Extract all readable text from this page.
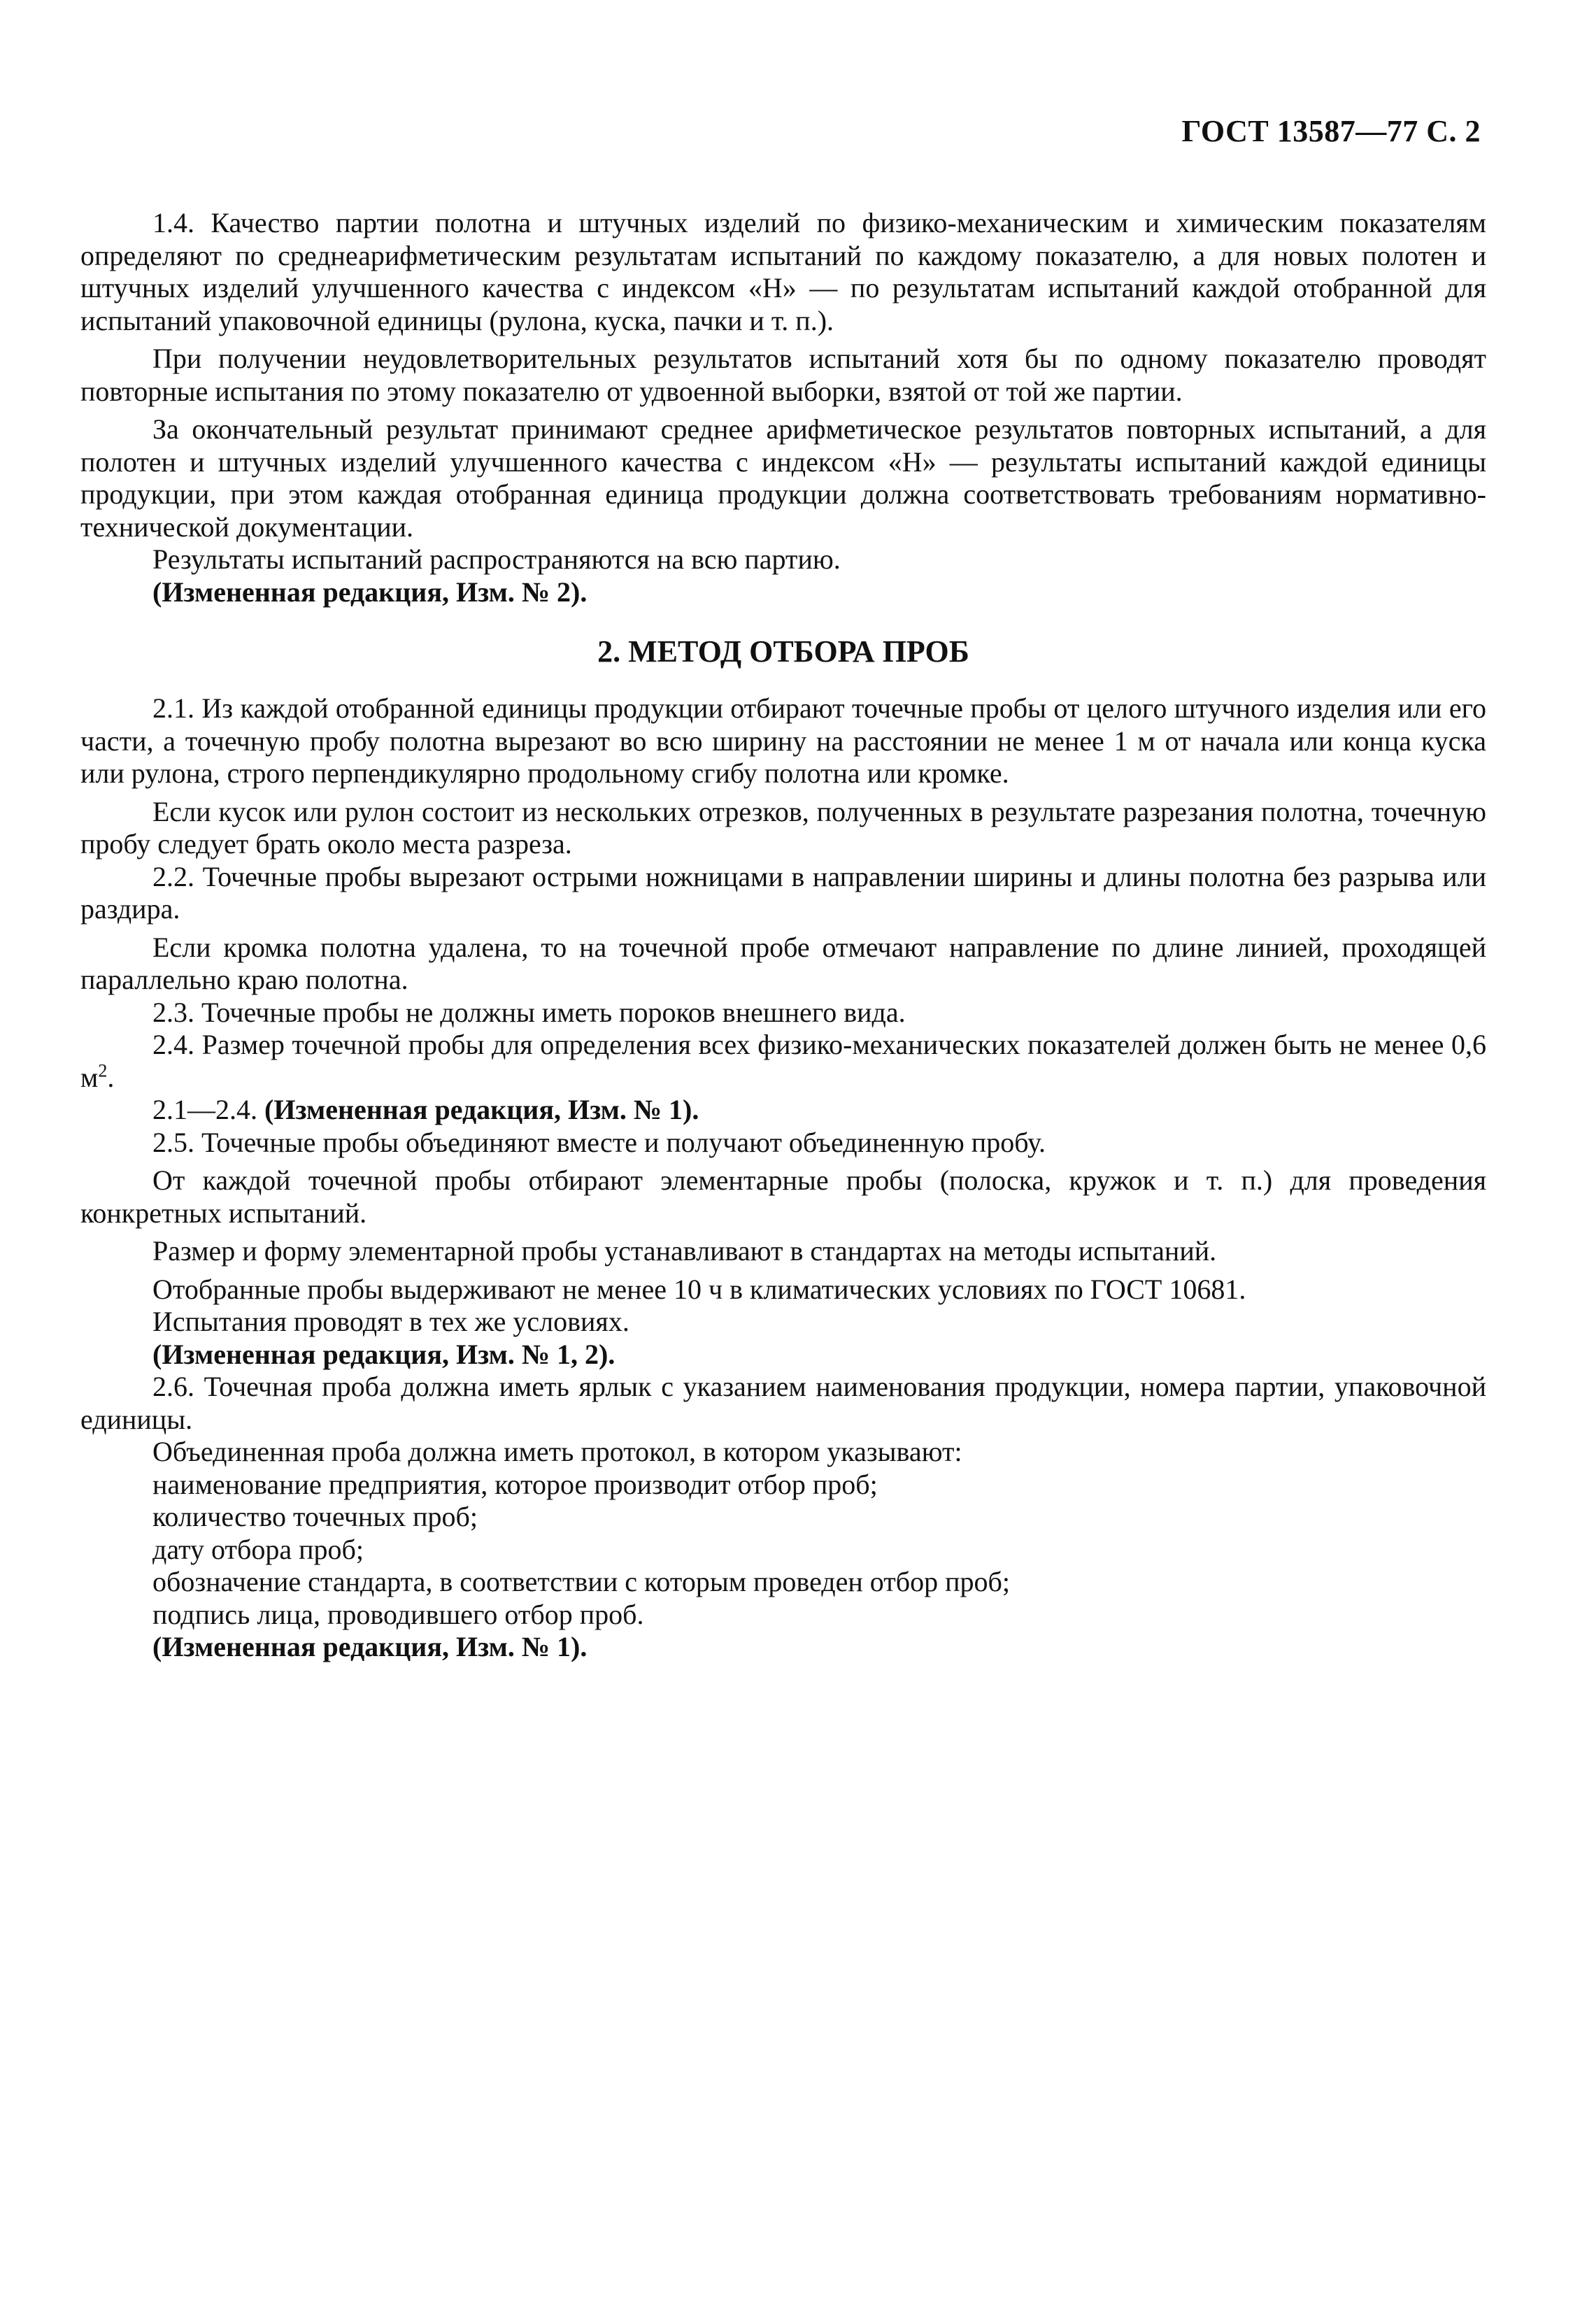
ГОСТ 13587—77 С. 2

1.4. Качество партии полотна и штучных изделий по физико-механическим и химическим показателям определяют по среднеарифметическим результатам испытаний по каждому показателю, а для новых полотен и штучных изделий улучшенного качества с индексом «Н» — по результатам испытаний каждой отобранной для испытаний упаковочной единицы (рулона, куска, пачки и т. п.).

При получении неудовлетворительных результатов испытаний хотя бы по одному показателю проводят повторные испытания по этому показателю от удвоенной выборки, взятой от той же партии.

За окончательный результат принимают среднее арифметическое результатов повторных испытаний, а для полотен и штучных изделий улучшенного качества с индексом «Н» — результаты испытаний каждой единицы продукции, при этом каждая отобранная единица продукции должна соответствовать требованиям нормативно-технической документации.

Результаты испытаний распространяются на всю партию.

(Измененная редакция, Изм. № 2).

2. МЕТОД ОТБОРА ПРОБ

2.1. Из каждой отобранной единицы продукции отбирают точечные пробы от целого штучного изделия или его части, а точечную пробу полотна вырезают во всю ширину на расстоянии не менее 1 м от начала или конца куска или рулона, строго перпендикулярно продольному сгибу полотна или кромке.

Если кусок или рулон состоит из нескольких отрезков, полученных в результате разрезания полотна, точечную пробу следует брать около места разреза.

2.2. Точечные пробы вырезают острыми ножницами в направлении ширины и длины полотна без разрыва или раздира.

Если кромка полотна удалена, то на точечной пробе отмечают направление по длине линией, проходящей параллельно краю полотна.

2.3. Точечные пробы не должны иметь пороков внешнего вида.

2.4. Размер точечной пробы для определения всех физико-механических показателей должен быть не менее 0,6 $м^2$.

2.1—2.4. (Измененная редакция, Изм. № 1).

2.5. Точечные пробы объединяют вместе и получают объединенную пробу.

От каждой точечной пробы отбирают элементарные пробы (полоска, кружок и т. п.) для проведения конкретных испытаний.

Размер и форму элементарной пробы устанавливают в стандартах на методы испытаний.

Отобранные пробы выдерживают не менее 10 ч в климатических условиях по ГОСТ 10681.

Испытания проводят в тех же условиях.

(Измененная редакция, Изм. № 1, 2).

2.6. Точечная проба должна иметь ярлык с указанием наименования продукции, номера партии, упаковочной единицы.

Объединенная проба должна иметь протокол, в котором указывают:

наименование предприятия, которое производит отбор проб;

количество точечных проб;

дату отбора проб;

обозначение стандарта, в соответствии с которым проведен отбор проб;

подпись лица, проводившего отбор проб.

(Измененная редакция, Изм. № 1).
